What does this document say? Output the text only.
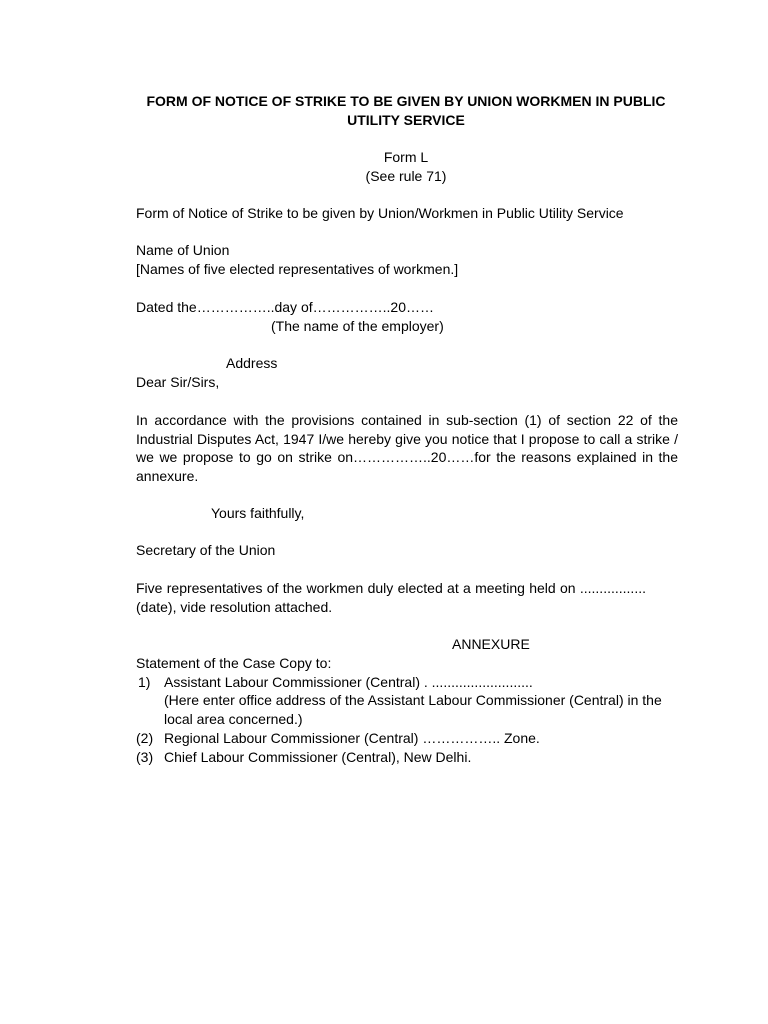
FORM OF NOTICE OF STRIKE TO BE GIVEN BY UNION WORKMEN IN PUBLIC UTILITY SERVICE
Form L
(See rule 71)
Form of Notice of Strike to be given by Union/Workmen in Public Utility Service
Name of Union
[Names of five elected representatives of workmen.]
Dated the……………..day of……………..20……
(The name of the employer)
Address
Dear Sir/Sirs,
In accordance with the provisions contained in sub-section (1) of section 22 of the Industrial Disputes Act, 1947 I/we hereby give you notice that I propose to call a strike / we we propose to go on strike on……………..20……for the reasons explained in the annexure.
Yours faithfully,
Secretary of the Union
Five representatives of the workmen duly elected at a meeting held on ................. (date), vide resolution attached.
ANNEXURE
Statement of the Case Copy to:
1) Assistant Labour Commissioner (Central) . ..........................
(Here enter office address of the Assistant Labour Commissioner (Central) in the local area concerned.)
(2) Regional Labour Commissioner (Central) …………….. Zone.
(3) Chief Labour Commissioner (Central), New Delhi.
